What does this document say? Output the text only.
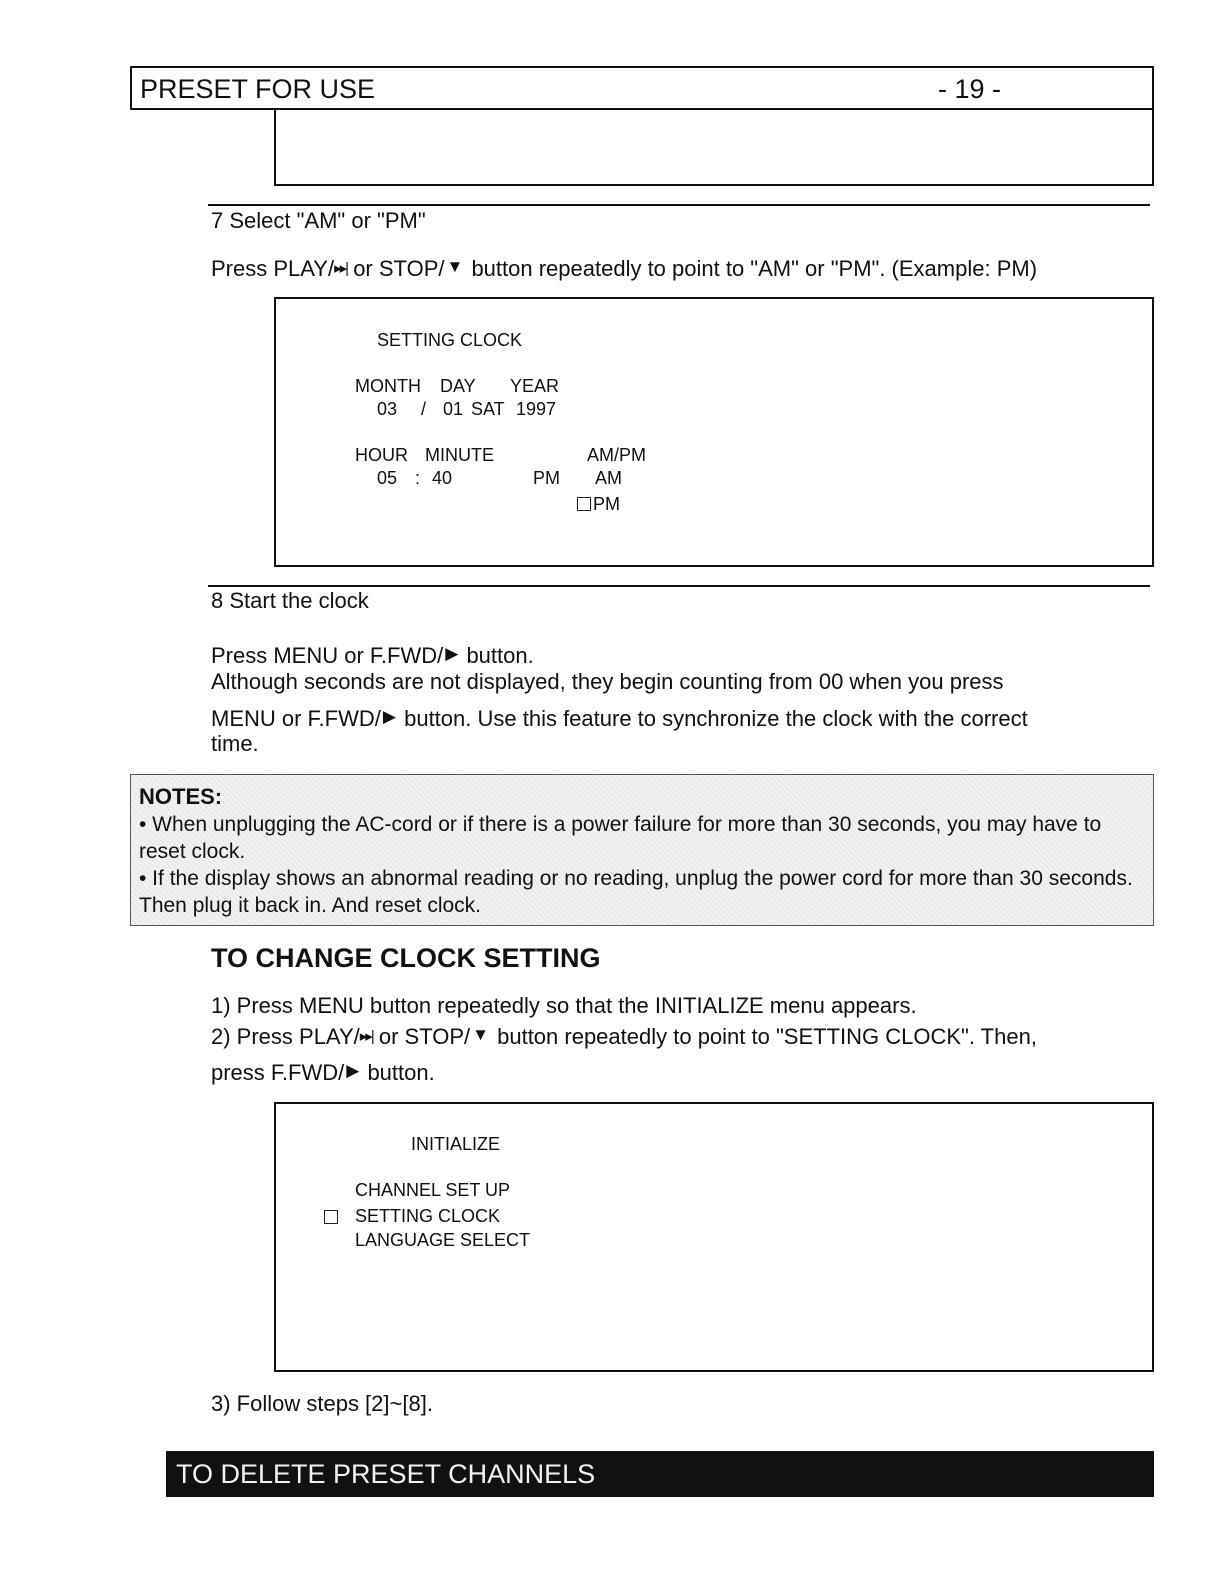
PRESET FOR USE	- 19 -
7 Select "AM" or "PM"
Press PLAY/▸▸| or STOP/ ▼ button repeatedly to point to "AM" or "PM". (Example: PM)
SETTING CLOCK
MONTH DAY YEAR
03 / 01 SAT 1997
HOUR MINUTE	AM/PM
05 : 40	PM AM
PM
8 Start the clock
Press MENU or F.FWD/ ▶ button.
Although seconds are not displayed, they begin counting from 00 when you press
MENU or F.FWD/ ▶ button. Use this feature to synchronize the clock with the correct
time.
NOTES:
• When unplugging the AC-cord or if there is a power failure for more than 30 seconds, you may have to reset clock.
• If the display shows an abnormal reading or no reading, unplug the power cord for more than 30 seconds. Then plug it back in. And reset clock.
TO CHANGE CLOCK SETTING
1) Press MENU button repeatedly so that the INITIALIZE menu appears.
2) Press PLAY/▸▸| or STOP/ ▼ button repeatedly to point to "SETTING CLOCK". Then,
press F.FWD/ ▶ button.
INITIALIZE
CHANNEL SET UP
SETTING CLOCK
LANGUAGE SELECT
3) Follow steps [2]~[8].
TO DELETE PRESET CHANNELS
